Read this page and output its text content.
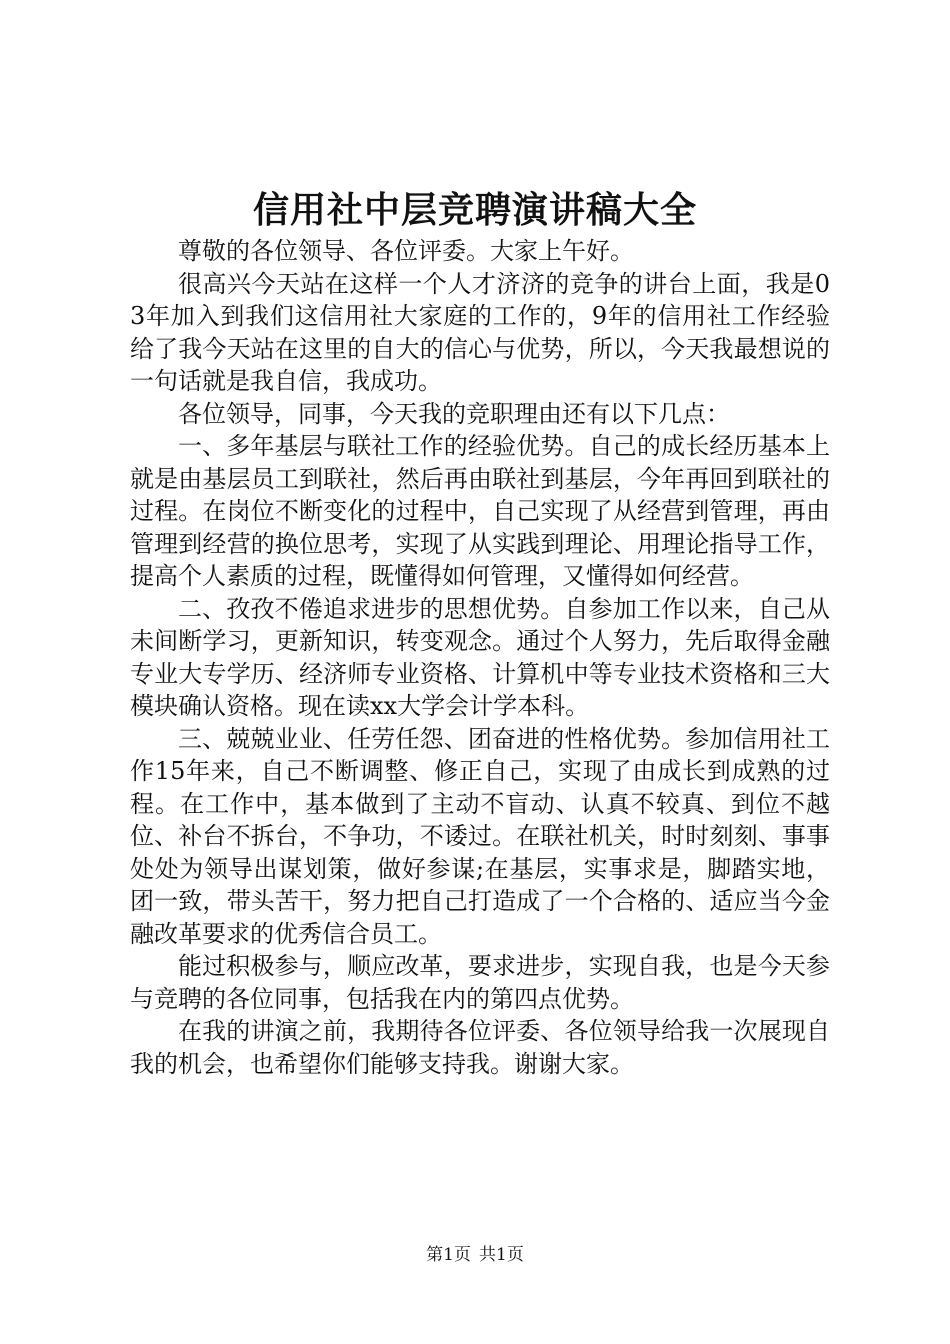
信用社中层竞聘演讲稿大全

尊敬的各位领导、各位评委。大家上午好。

很高兴今天站在这样一个人才济济的竞争的讲台上面，我是03年加入到我们这信用社大家庭的工作的，9年的信用社工作经验给了我今天站在这里的自大的信心与优势，所以，今天我最想说的一句话就是我自信，我成功。

各位领导，同事，今天我的竞职理由还有以下几点：

一、多年基层与联社工作的经验优势。自己的成长经历基本上就是由基层员工到联社，然后再由联社到基层，今年再回到联社的过程。在岗位不断变化的过程中，自己实现了从经营到管理，再由管理到经营的换位思考，实现了从实践到理论、用理论指导工作，提高个人素质的过程，既懂得如何管理，又懂得如何经营。

二、孜孜不倦追求进步的思想优势。自参加工作以来，自己从未间断学习，更新知识，转变观念。通过个人努力，先后取得金融专业大专学历、经济师专业资格、计算机中等专业技术资格和三大模块确认资格。现在读xx大学会计学本科。

三、兢兢业业、任劳任怨、团奋进的性格优势。参加信用社工作15年来，自己不断调整、修正自己，实现了由成长到成熟的过程。在工作中，基本做到了主动不盲动、认真不较真、到位不越位、补台不拆台，不争功，不诿过。在联社机关，时时刻刻、事事处处为领导出谋划策，做好参谋;在基层，实事求是，脚踏实地，团一致，带头苦干，努力把自己打造成了一个合格的、适应当今金融改革要求的优秀信合员工。

能过积极参与，顺应改革，要求进步，实现自我，也是今天参与竞聘的各位同事，包括我在内的第四点优势。

在我的讲演之前，我期待各位评委、各位领导给我一次展现自我的机会，也希望你们能够支持我。谢谢大家。

第1页 共1页
